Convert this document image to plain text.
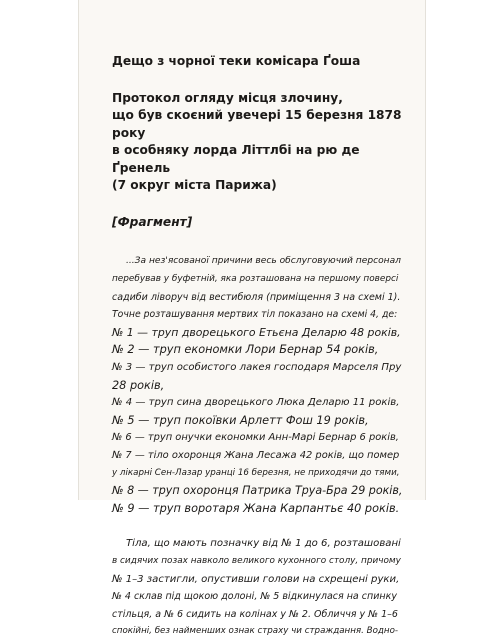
Дещо з чорної теки комісара Ґоша
Протокол огляду місця злочину,
що був скоєний увечері 15 березня 1878 року
в особняку лорда Літтлбі на рю де Ґренель
(7 округ міста Парижа)
[Фрагмент]
...За нез'ясованої причини весь обслуговуючий персонал
перебував у буфетній, яка розташована на першому поверсі
садиби ліворуч від вестибюля (приміщення 3 на схемі 1).
Точне розташування мертвих тіл показано на схемі 4, де:
№ 1 — труп дворецького Етьєна Деларю 48 років,
№ 2 — труп економки Лори Бернар 54 років,
№ 3 — труп особистого лакея господаря Марселя Пру
28 років,
№ 4 — труп сина дворецького Люка Деларю 11 років,
№ 5 — труп покоївки Арлетт Фош 19 років,
№ 6 — труп онучки економки Анн-Марі Бернар 6 років,
№ 7 — тіло охоронця Жана Лесажа 42 років, що помер
у лікарні Сен-Лазар уранці 16 березня, не приходячи до тями,
№ 8 — труп охоронця Патрика Труа-Бра 29 років,
№ 9 — труп воротаря Жана Карпантьє 40 років.
Тіла, що мають позначку від № 1 до 6, розташовані
в сидячих позах навколо великого кухонного столу, причому
№ 1–3 застигли, опустивши голови на схрещені руки,
№ 4 склав під щокою долоні, № 5 відкинулася на спинку
стільця, а № 6 сидить на колінах у № 2. Обличчя у № 1–6
спокійні, без найменших ознак страху чи страждання. Водно-
